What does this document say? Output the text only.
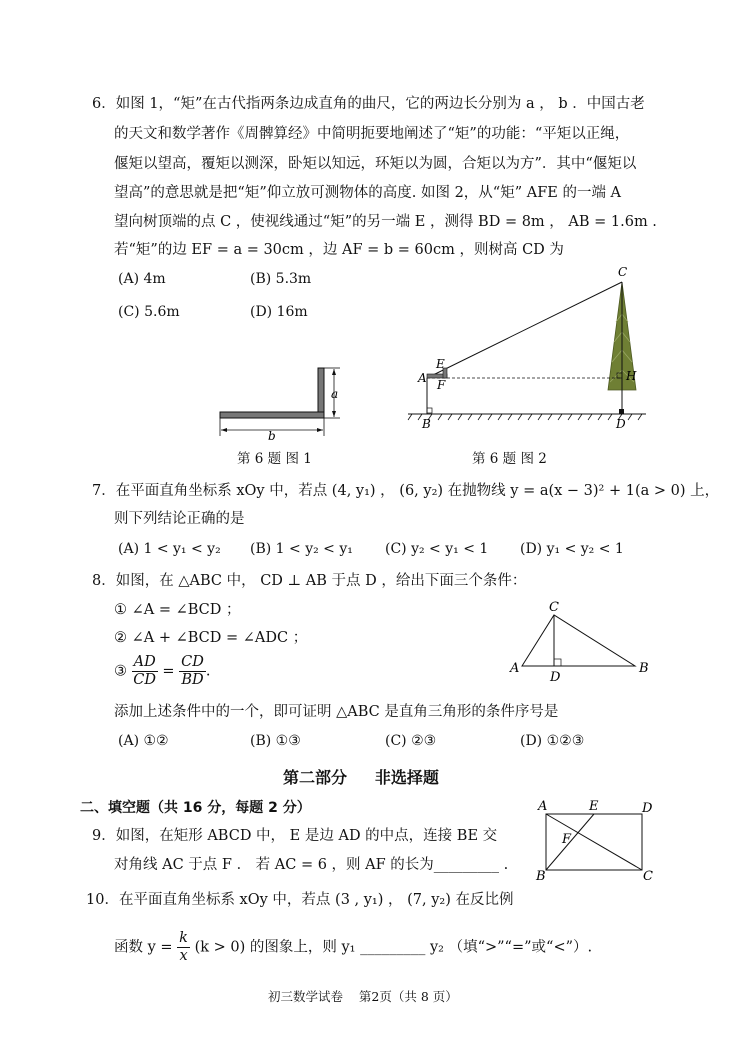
6．如图 1，“矩”在古代指两条边成直角的曲尺，它的两边长分别为 a ， b ．中国古老
的天文和数学著作《周髀算经》中简明扼要地阐述了“矩”的功能：“平矩以正绳，
偃矩以望高，覆矩以测深，卧矩以知远，环矩以为圆，合矩以为方”．其中“偃矩以
望高”的意思就是把“矩”仰立放可测物体的高度. 如图 2，从“矩” AFE 的一端 A
望向树顶端的点 C ，使视线通过“矩”的另一端 E ，测得 BD = 8m ， AB = 1.6m .
若“矩”的边 EF = a = 30cm ，边 AF = b = 60cm ，则树高 CD 为
(A) 4m	(B) 5.3m
(C) 5.6m	(D) 16m
a
b
第 6 题 图 1
C
E
A F
H
B	D
第 6 题 图 2
7．在平面直角坐标系 xOy 中，若点 (4, y₁) ， (6, y₂) 在抛物线 y = a(x − 3)² + 1(a > 0) 上，
则下列结论正确的是
(A) 1 < y₁ < y₂ (B) 1 < y₂ < y₁ (C) y₂ < y₁ < 1 (D) y₁ < y₂ < 1
8．如图，在 △ABC 中， CD ⊥ AB 于点 D ，给出下面三个条件：
① ∠A = ∠BCD ；
② ∠A + ∠BCD = ∠ADC ；
③ $\frac{AD}{CD} = \frac{CD}{BD}$ .
C
A
D
B
添加上述条件中的一个，即可证明 △ABC 是直角三角形的条件序号是
(A) ①②	(B) ①③	(C) ②③	(D) ①②③
第二部分     非选择题
二、填空题（共 16 分，每题 2 分）
9．如图，在矩形 ABCD 中， E 是边 AD 的中点，连接 BE 交
对角线 AC 于点 F ． 若 AC = 6 ，则 AF 的长为_________ .
A	E	D
F
B	C
10．在平面直角坐标系 xOy 中，若点 (3 , y₁) ， (7, y₂) 在反比例
函数 $y = \frac{k}{x} (k > 0)$ 的图象上，则 y₁ _________ y₂ （填“>”“=”或“<”）.
初三数学试卷    第2页（共 8 页）
